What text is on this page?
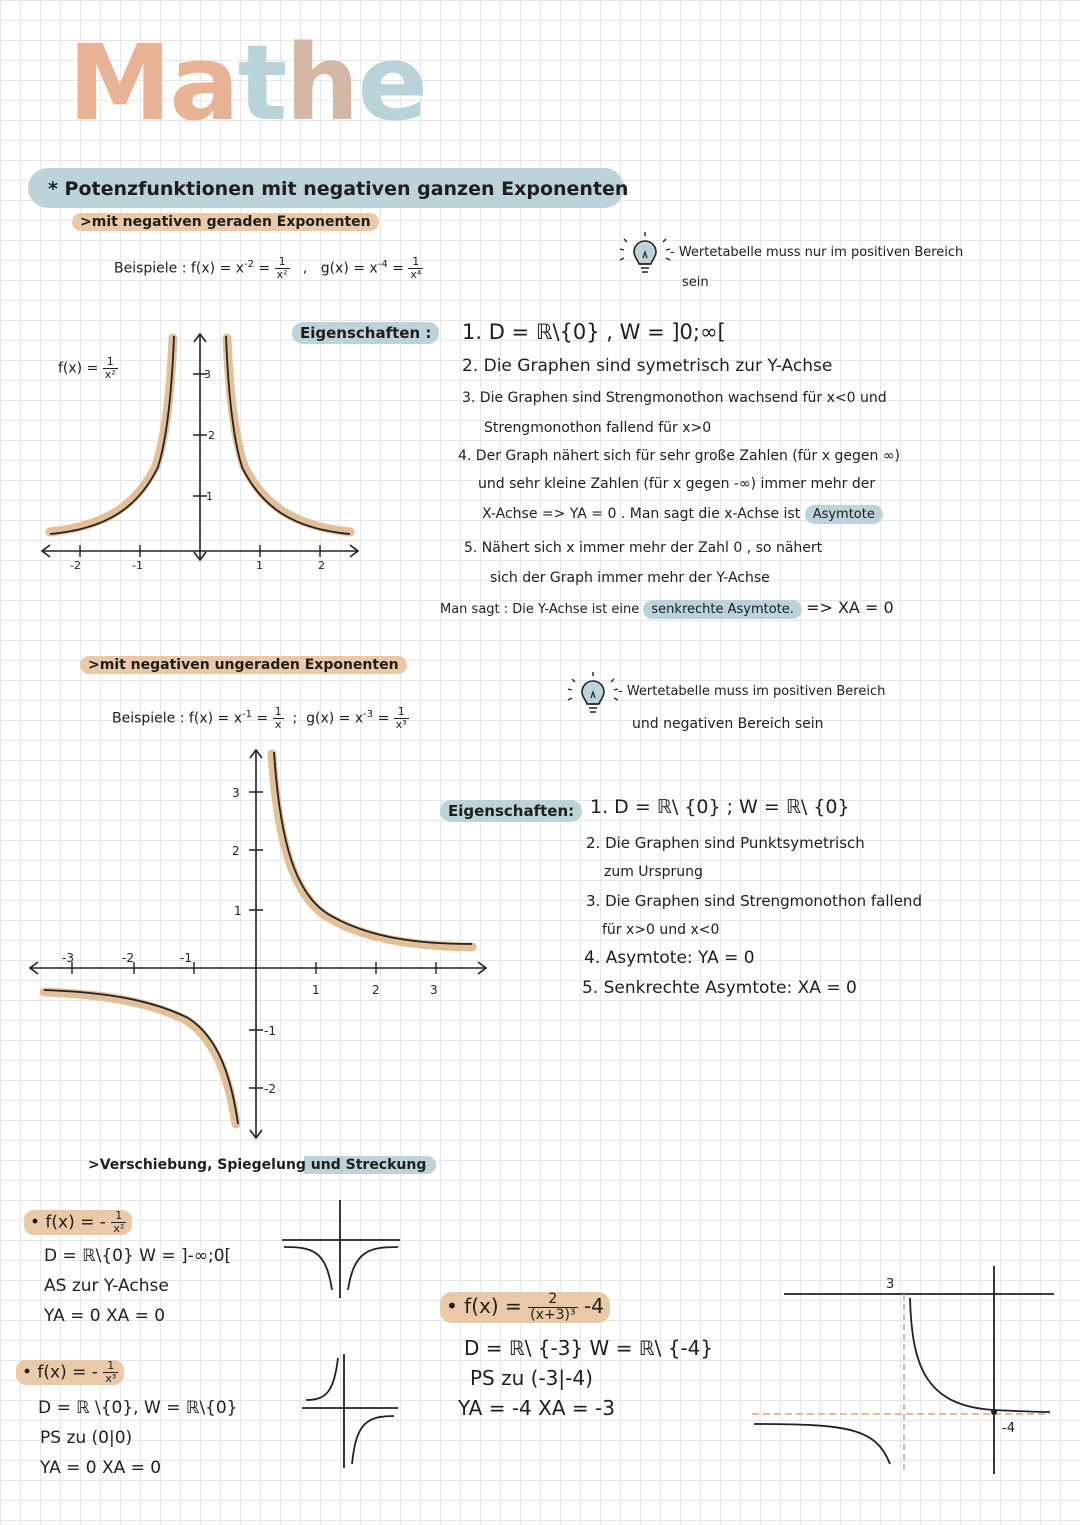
Mathe
* Potenzfunktionen mit negativen ganzen Exponenten
>mit negativen geraden Exponenten
Beispiele : $f(x) = x^{-2} = \frac{1}{\text{x²}}$ , $g(x) = x^{-4} = \frac{1}{\text{x⁴}}$
- Wertetabelle muss nur im positiven Bereich
sein
$f(x) = \frac{1}{\text{x²}}$	3
2
1
-2	-1	1	2
Eigenschaften :	1. D = ℝ\{0} , W = ]0;∞[
2. Die Graphen sind symetrisch zur Y-Achse
3. Die Graphen sind Strengmonothon wachsend für x<0 und
Strengmonothon fallend für x>0
4. Der Graph nähert sich für sehr große Zahlen (für x gegen ∞)
und sehr kleine Zahlen (für x gegen -∞) immer mehr der
X-Achse => YA = 0 . Man sagt die x-Achse ist Asymtote
5. Nähert sich x immer mehr der Zahl 0 , so nähert
sich der Graph immer mehr der Y-Achse
Man sagt : Die Y-Achse ist eine senkrechte Asymtote. => XA = 0
>mit negativen ungeraden Exponenten
Beispiele : $f(x) = x^{-1} = \frac{1}{x}$ ; $g(x) = x^{-3} = \frac{1}{\text{x³}}$
- Wertetabelle muss im positiven Bereich
und negativen Bereich sein
3
2
1
-1
-2
-3	-2	-1
1	2	3
Eigenschaften: 1. D = ℝ\ {0} ; W = ℝ\ {0}
2. Die Graphen sind Punktsymetrisch
zum Ursprung
3. Die Graphen sind Strengmonothon fallend
für x>0 und x<0
4. Asymtote: YA = 0
5. Senkrechte Asymtote: XA = 0
>Verschiebung, Spiegelung und Streckung
• f(x) = - $\frac{1}{\text{x²}}$
D = ℝ\{0} W = ]-∞;0[
AS zur Y-Achse
YA = 0 XA = 0
• f(x) = - $\frac{1}{\text{x³}}$
D = ℝ \{0}, W = ℝ\{0}
PS zu (0|0)
YA = 0 XA = 0
• $f(x) = \frac{2}{\text{(x+3)³}} -4$
D = ℝ\ {-3} W = ℝ\ {-4}
PS zu (-3|-4)
YA = -4 XA = -3
3
-4
